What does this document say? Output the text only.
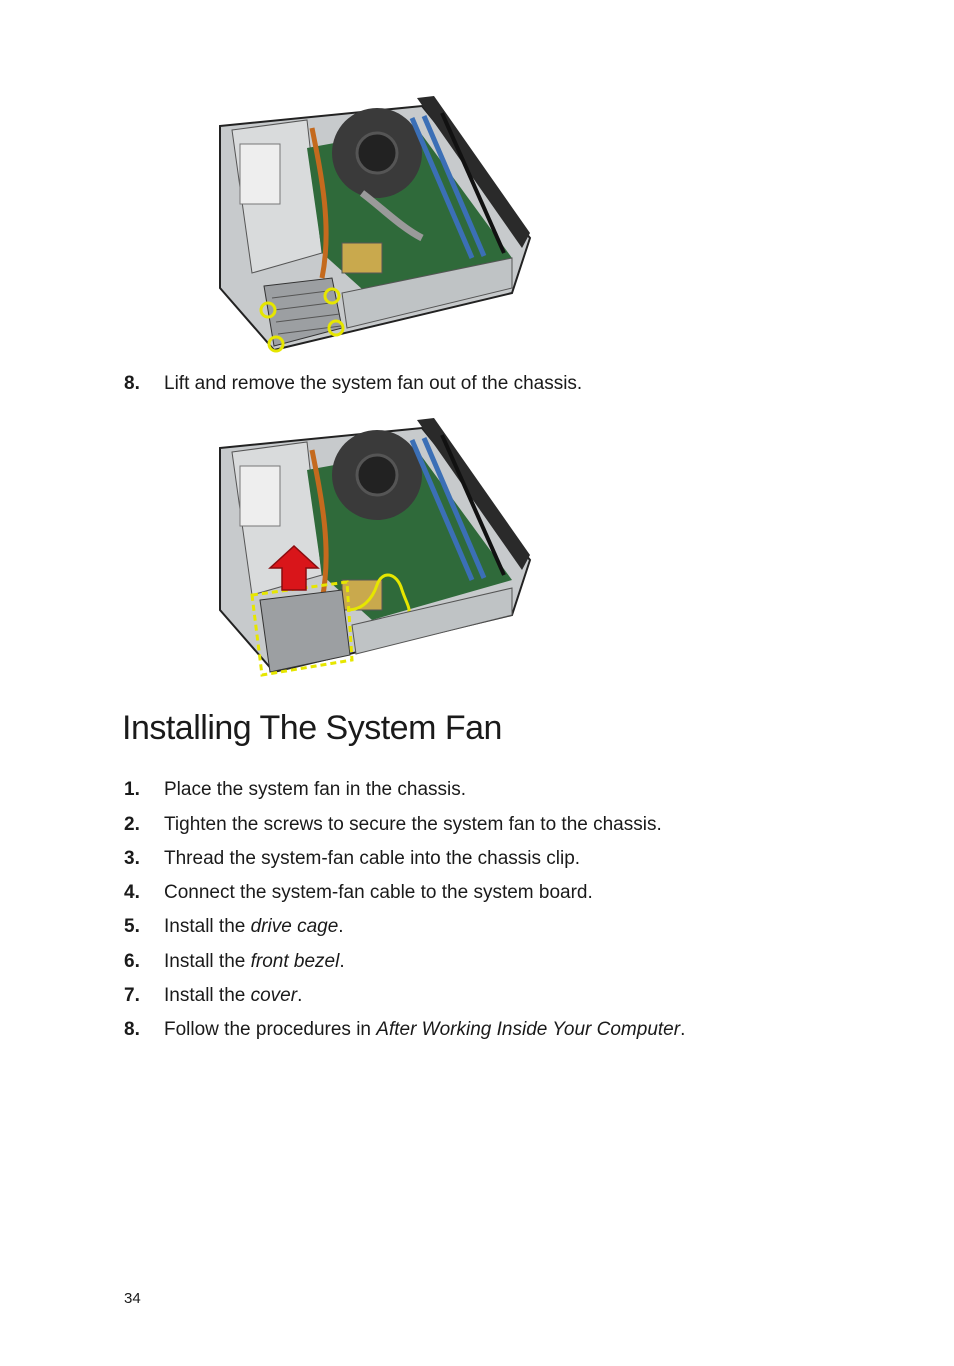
8. Lift and remove the system fan out of the chassis.
Installing The System Fan
1. Place the system fan in the chassis.
2. Tighten the screws to secure the system fan to the chassis.
3. Thread the system-fan cable into the chassis clip.
4. Connect the system-fan cable to the system board.
5. Install the drive cage.
6. Install the front bezel.
7. Install the cover.
8. Follow the procedures in After Working Inside Your Computer.
34
